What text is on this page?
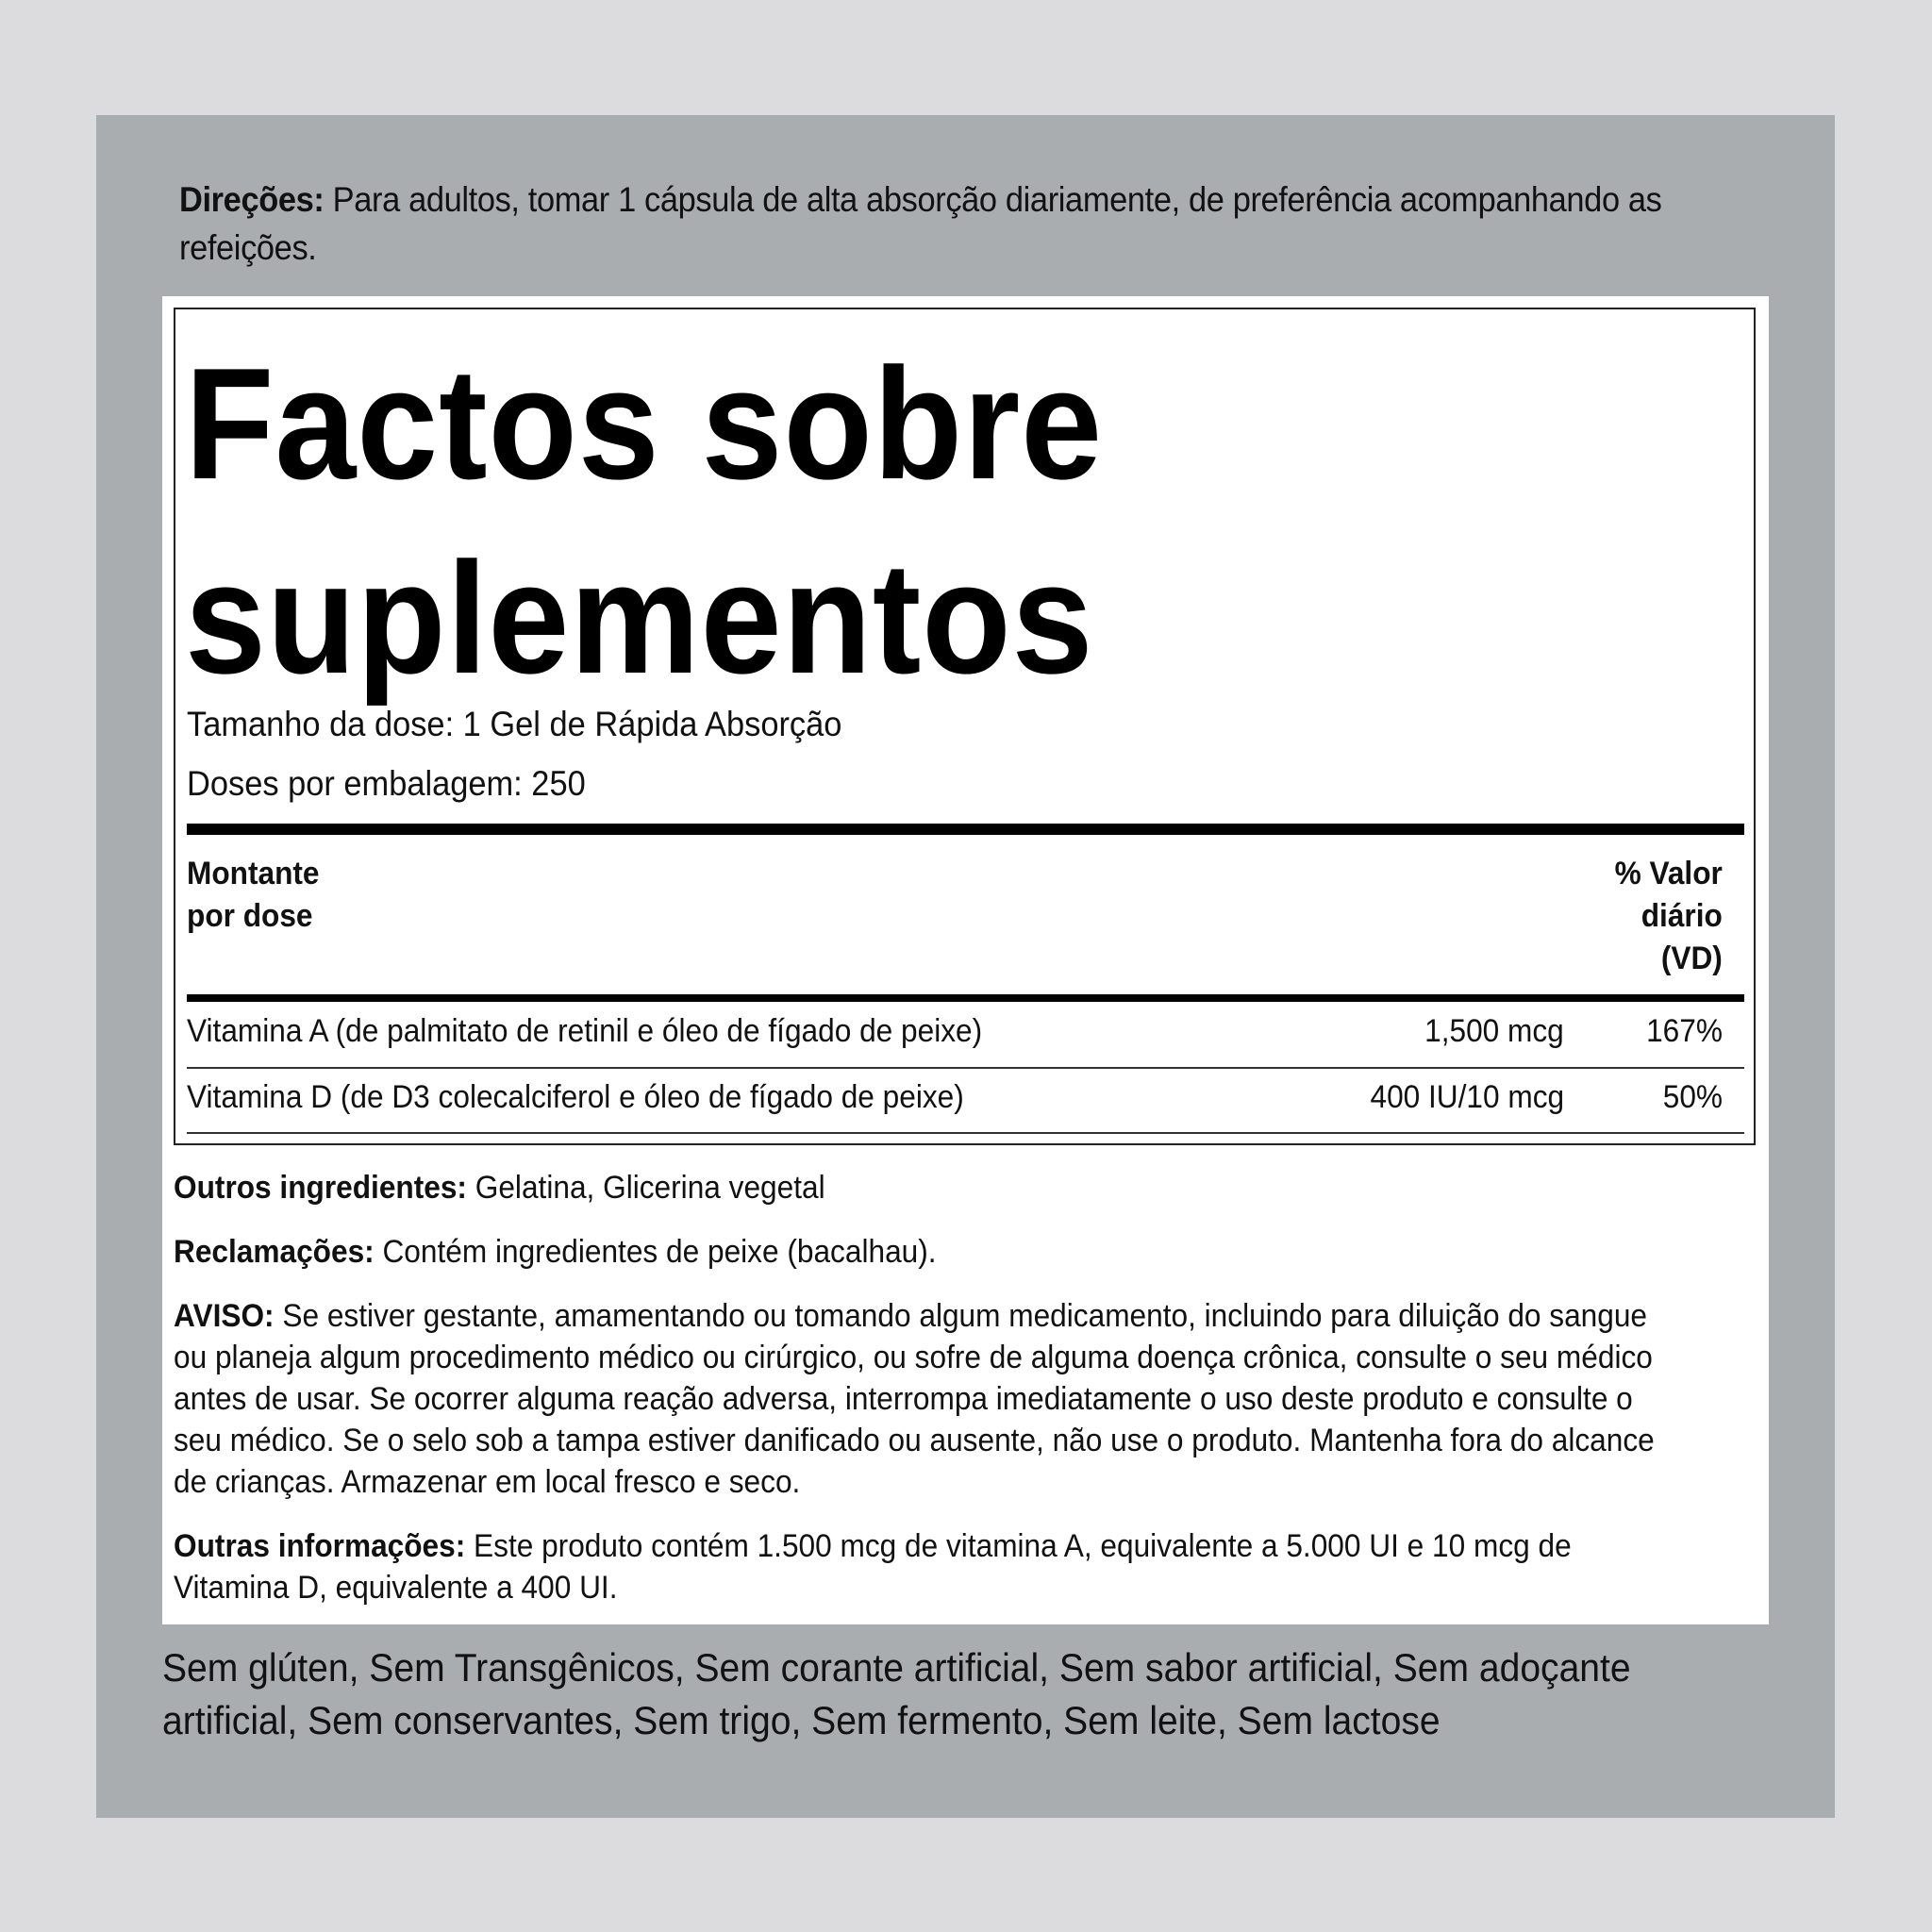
Direções: Para adultos, tomar 1 cápsula de alta absorção diariamente, de preferência acompanhando as refeições.
Factos sobre
suplementos
Tamanho da dose: 1 Gel de Rápida Absorção
Doses por embalagem: 250
Montante
por dose
% Valor
diário
(VD)
Vitamina A (de palmitato de retinil e óleo de fígado de peixe)	1,500 mcg	167%
Vitamina D (de D3 colecalciferol e óleo de fígado de peixe)	400 IU/10 mcg	50%
Outros ingredientes: Gelatina, Glicerina vegetal
Reclamações: Contém ingredientes de peixe (bacalhau).
AVISO: Se estiver gestante, amamentando ou tomando algum medicamento, incluindo para diluição do sangue ou planeja algum procedimento médico ou cirúrgico, ou sofre de alguma doença crônica, consulte o seu médico antes de usar. Se ocorrer alguma reação adversa, interrompa imediatamente o uso deste produto e consulte o seu médico. Se o selo sob a tampa estiver danificado ou ausente, não use o produto. Mantenha fora do alcance de crianças. Armazenar em local fresco e seco.
Outras informações: Este produto contém 1.500 mcg de vitamina A, equivalente a 5.000 UI e 10 mcg de Vitamina D, equivalente a 400 UI.
Sem glúten, Sem Transgênicos, Sem corante artificial, Sem sabor artificial, Sem adoçante artificial, Sem conservantes, Sem trigo, Sem fermento, Sem leite, Sem lactose
